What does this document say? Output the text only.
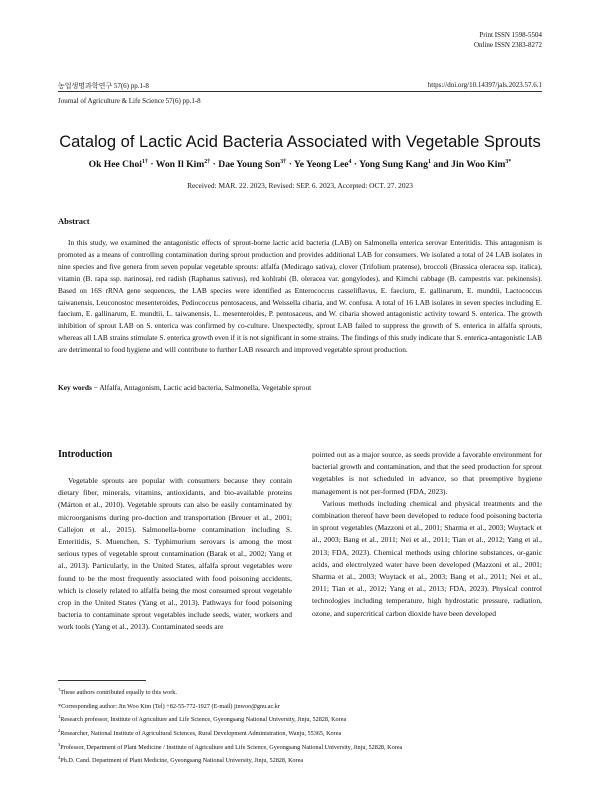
Print ISSN 1598-5504
Online ISSN 2383-8272
https://doi.org/10.14397/jals.2023.57.6.1
농업생명과학연구 57(6) pp.1-8
Journal of Agriculture & Life Science 57(6) pp.1-8
Catalog of Lactic Acid Bacteria Associated with Vegetable Sprouts
Ok Hee Choi$^{1\dagger}$ · Won Il Kim$^{2\dagger}$ · Dae Young Son$^{3\dagger}$ · Ye Yeong Lee$^4$ · Yong Sung Kang$^1$ and Jin Woo Kim$^{3*}$
Received: MAR. 22. 2023, Revised: SEP. 6. 2023, Accepted: OCT. 27. 2023
Abstract
In this study, we examined the antagonistic effects of sprout-borne lactic acid bacteria (LAB) on Salmonella enterica serovar Enteritidis. This antagonism is promoted as a means of controlling contamination during sprout production and provides additional LAB for consumers. We isolated a total of 24 LAB isolates in nine species and five genera from seven popular vegetable sprouts: alfalfa (Medicago sativa), clover (Trifolium pratense), broccoli (Brassica oleracea ssp. italica), vitamin (B. rapa ssp. narinosa), red radish (Raphanus sativus), red kohlrabi (B. oleracea var. gongylodes), and Kimchi cabbage (B. campestris var. pekinensis). Based on 16S rRNA gene sequences, the LAB species were identified as Enterococcus casseliflavus, E. faecium, E. gallinarum, E. mundtii, Lactococcus taiwanensis, Leuconostoc mesenteroides, Pediococcus pentosaceus, and Weissella cibaria, and W. confusa. A total of 16 LAB isolates in seven species including E. faecium, E. gallinarum, E. mundtii, L. taiwanensis, L. mesenteroides, P. pentosaceus, and W. cibaria showed antagonistic activity toward S. enterica. The growth inhibition of sprout LAB on S. enterica was confirmed by co-culture. Unexpectedly, sprout LAB failed to suppress the growth of S. enterica in alfalfa sprouts, whereas all LAB strains stimulate S. enterica growth even if it is not significant in some strains. The findings of this study indicate that S. enterica-antagonistic LAB are detrimental to food hygiene and will contribute to further LAB research and improved vegetable sprout production.
Key words − Alfalfa, Antagonism, Lactic acid bacteria, Salmonella, Vegetable sprout
Introduction
Vegetable sprouts are popular with consumers because they contain dietary fiber, minerals, vitamins, antioxidants, and bio-available proteins (Márton et al., 2010). Vegetable sprouts can also be easily contaminated by microorganisms during pro-duction and transportation (Breuer et al., 2001; Callejon et al., 2015). Salmonella-borne contamination including S. Enteritidis, S. Muenchen, S. Typhimurium serovars is among the most serious types of vegetable sprout contamination (Barak et al., 2002; Yang et al., 2013). Particularly, in the United States, alfalfa sprout vegetables were found to be the most frequently associated with food poisoning accidents, which is closely related to alfalfa being the most consumed sprout vegetable crop in the United States (Yang et al., 2013). Pathways for food poisoning bacteria to contaminate sprout vegetables include seeds, water, workers and work tools (Yang et al., 2013). Contaminated seeds are
pointed out as a major source, as seeds provide a favorable environment for bacterial growth and contamination, and that the seed production for sprout vegetables is not scheduled in advance, so that preemptive hygiene management is not per-formed (FDA, 2023).
Various methods including chemical and physical treatments and the combination thereof have been developed to reduce food poisoning bacteria in sprout vegetables (Mazzoni et al., 2001; Sharma et al., 2003; Wuytack et al., 2003; Bang et al., 2011; Nei et al., 2011; Tian et al., 2012; Yang et al., 2013; FDA, 2023). Chemical methods using chlorine substances, or-ganic acids, and electrolyzed water have been developed (Mazzoni et al., 2001; Sharma et al., 2003; Wuytack et al., 2003; Bang et al., 2011; Nei et al., 2011; Tian et al., 2012; Yang et al., 2013; FDA, 2023). Physical control technologies including temperature, high hydrostatic pressure, radiation, ozone, and supercritical carbon dioxide have been developed
†These authors contributed equally to this work.
*Corresponding author: Jin Woo Kim (Tel) +82-55-772-1927 (E-mail) jinwoo@gnu.ac.kr
$^1$Research professor, Institute of Agriculture and Life Science, Gyeongsang National University, Jinju, 52828, Korea
$^2$Researcher, National Institute of Agricultural Sciences, Rural Development Administration, Wanju, 55365, Korea
$^3$Professor, Department of Plant Medicine / Institute of Agriculture and Life Science, Gyeongsang National University, Jinju, 52828, Korea
$^4$Ph.D. Cand. Department of Plant Medicine, Gyeongsang National University, Jinju, 52828, Korea
